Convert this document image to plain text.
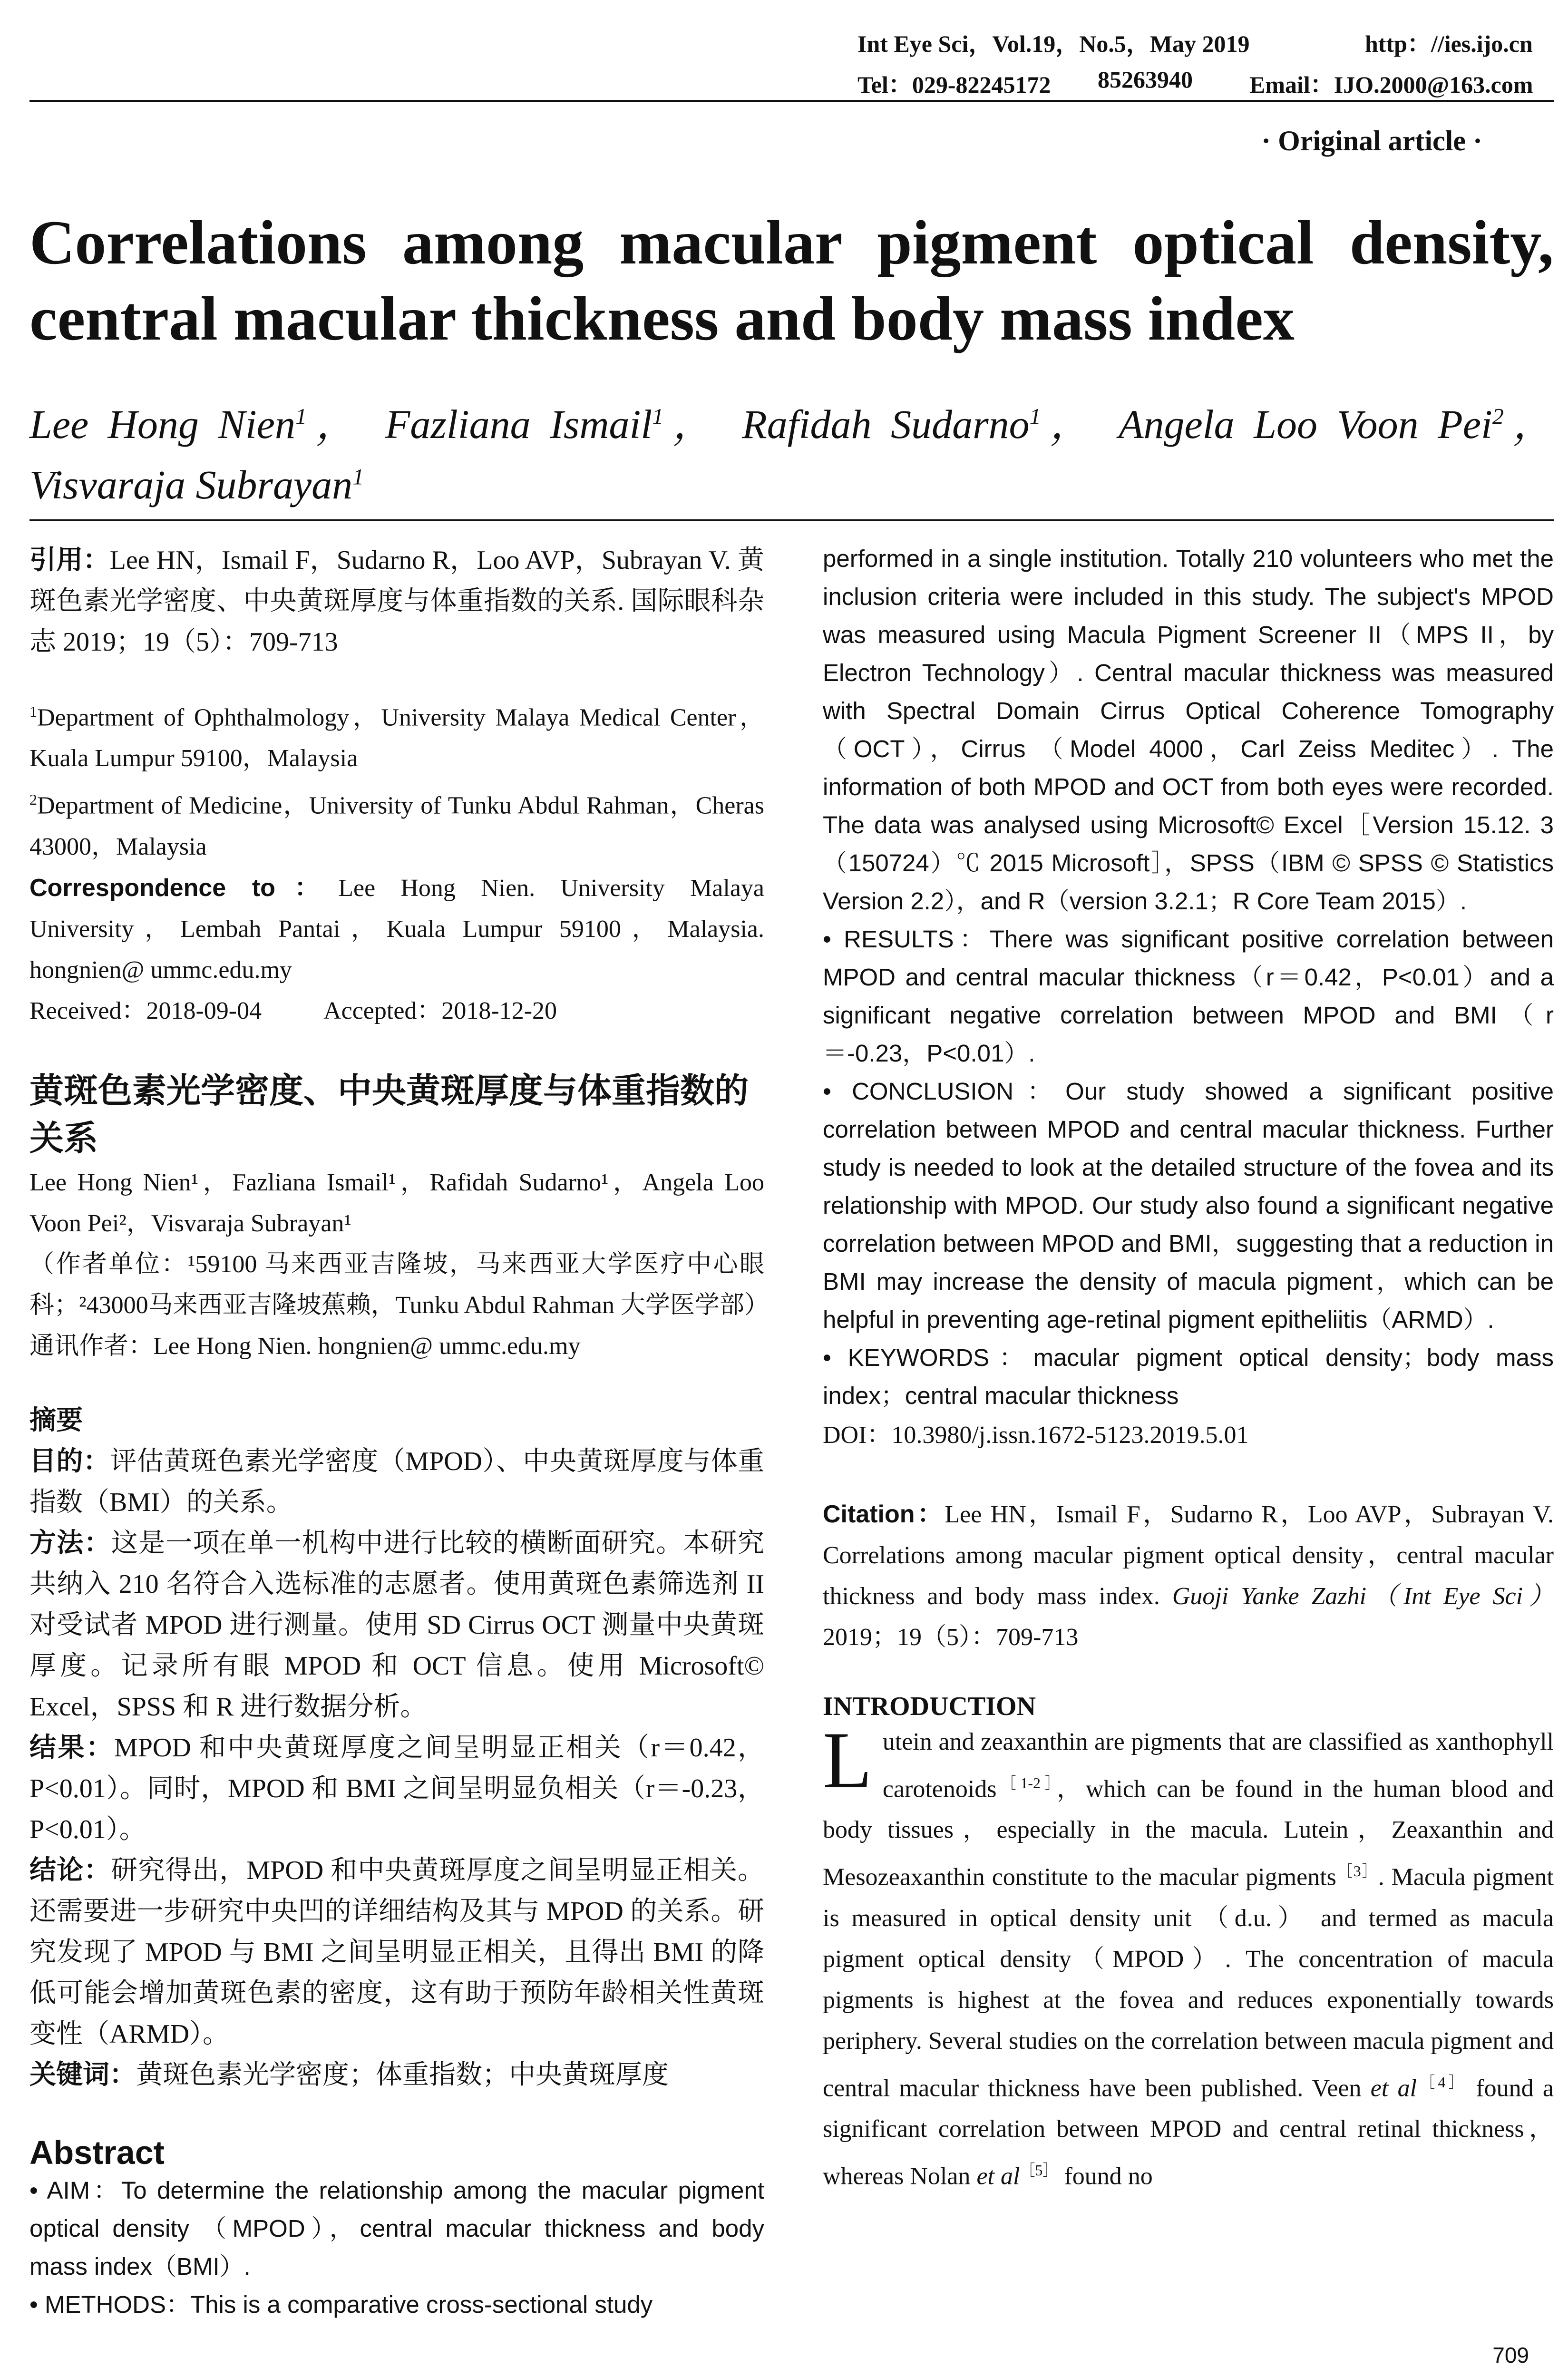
Int Eye Sci，Vol.19，No.5，May 2019	http：//ies.ijo.cn
Tel：029-82245172 85263940 Email：IJO.2000@163.com
· Original article ·
Correlations among macular pigment optical density, central macular thickness and body mass index
Lee Hong Nien$^1$， Fazliana Ismail$^1$， Rafidah Sudarno$^1$， Angela Loo Voon Pei$^2$， Visvaraja Subrayan$^1$

引用：Lee HN，Ismail F，Sudarno R，Loo AVP，Subrayan V. 黄斑色素光学密度、中央黄斑厚度与体重指数的关系. 国际眼科杂志 2019；19（5）：709-713

$^1$Department of Ophthalmology，University Malaya Medical Center，Kuala Lumpur 59100，Malaysia

$^2$Department of Medicine，University of Tunku Abdul Rahman，Cheras 43000，Malaysia

Correspondence to：Lee Hong Nien. University Malaya University，Lembah Pantai，Kuala Lumpur 59100，Malaysia. hongnien@ ummc.edu.my

Received：2018-09-04	Accepted：2018-12-20

黄斑色素光学密度、中央黄斑厚度与体重指数的关系

Lee Hong Nien¹，Fazliana Ismail¹，Rafidah Sudarno¹，Angela Loo Voon Pei²，Visvaraja Subrayan¹

（作者单位：¹59100 马来西亚吉隆坡，马来西亚大学医疗中心眼科；²43000马来西亚吉隆坡蕉赖，Tunku Abdul Rahman 大学医学部）

通讯作者：Lee Hong Nien. hongnien@ ummc.edu.my

摘要

目的：评估黄斑色素光学密度（MPOD）、中央黄斑厚度与体重指数（BMI）的关系。

方法：这是一项在单一机构中进行比较的横断面研究。本研究共纳入 210 名符合入选标准的志愿者。使用黄斑色素筛选剂 II 对受试者 MPOD 进行测量。使用 SD Cirrus OCT 测量中央黄斑厚度。记录所有眼 MPOD 和 OCT 信息。使用 Microsoft© Excel，SPSS 和 R 进行数据分析。

结果：MPOD 和中央黄斑厚度之间呈明显正相关（r＝0.42，P<0.01）。同时，MPOD 和 BMI 之间呈明显负相关（r＝-0.23，P<0.01）。

结论：研究得出，MPOD 和中央黄斑厚度之间呈明显正相关。还需要进一步研究中央凹的详细结构及其与 MPOD 的关系。研究发现了 MPOD 与 BMI 之间呈明显正相关，且得出 BMI 的降低可能会增加黄斑色素的密度，这有助于预防年龄相关性黄斑变性（ARMD）。

关键词：黄斑色素光学密度；体重指数；中央黄斑厚度

Abstract

• AIM：To determine the relationship among the macular pigment optical density （MPOD），central macular thickness and body mass index（BMI）.

• METHODS：This is a comparative cross-sectional study

performed in a single institution. Totally 210 volunteers who met the inclusion criteria were included in this study. The subject's MPOD was measured using Macula Pigment Screener II（MPS II，by Electron Technology）. Central macular thickness was measured with Spectral Domain Cirrus Optical Coherence Tomography （OCT），Cirrus （Model 4000，Carl Zeiss Meditec）. The information of both MPOD and OCT from both eyes were recorded. The data was analysed using Microsoft© Excel［Version 15.12. 3（150724）℃ 2015 Microsoft］，SPSS（IBM © SPSS © Statistics Version 2.2），and R（version 3.2.1；R Core Team 2015）.

• RESULTS：There was significant positive correlation between MPOD and central macular thickness（r＝0.42，P<0.01）and a significant negative correlation between MPOD and BMI（r＝-0.23，P<0.01）.

• CONCLUSION：Our study showed a significant positive correlation between MPOD and central macular thickness. Further study is needed to look at the detailed structure of the fovea and its relationship with MPOD. Our study also found a significant negative correlation between MPOD and BMI，suggesting that a reduction in BMI may increase the density of macula pigment，which can be helpful in preventing age-retinal pigment epitheliitis（ARMD）.

• KEYWORDS：macular pigment optical density；body mass index；central macular thickness

DOI：10.3980/j.issn.1672-5123.2019.5.01

Citation：Lee HN，Ismail F，Sudarno R，Loo AVP，Subrayan V. Correlations among macular pigment optical density，central macular thickness and body mass index. Guoji Yanke Zazhi（Int Eye Sci） 2019；19（5）：709-713

INTRODUCTION

Lutein and zeaxanthin are pigments that are classified as xanthophyll carotenoids$^{[1-2]}$，which can be found in the human blood and body tissues，especially in the macula. Lutein，Zeaxanthin and Mesozeaxanthin constitute to the macular pigments$^{[3]}$. Macula pigment is measured in optical density unit （d.u.） and termed as macula pigment optical density（MPOD）. The concentration of macula pigments is highest at the fovea and reduces exponentially towards periphery. Several studies on the correlation between macula pigment and central macular thickness have been published. Veen et $al^{[4]}$ found a significant correlation between MPOD and central retinal thickness，whereas Nolan et $al^{[5]}$ found no

709
